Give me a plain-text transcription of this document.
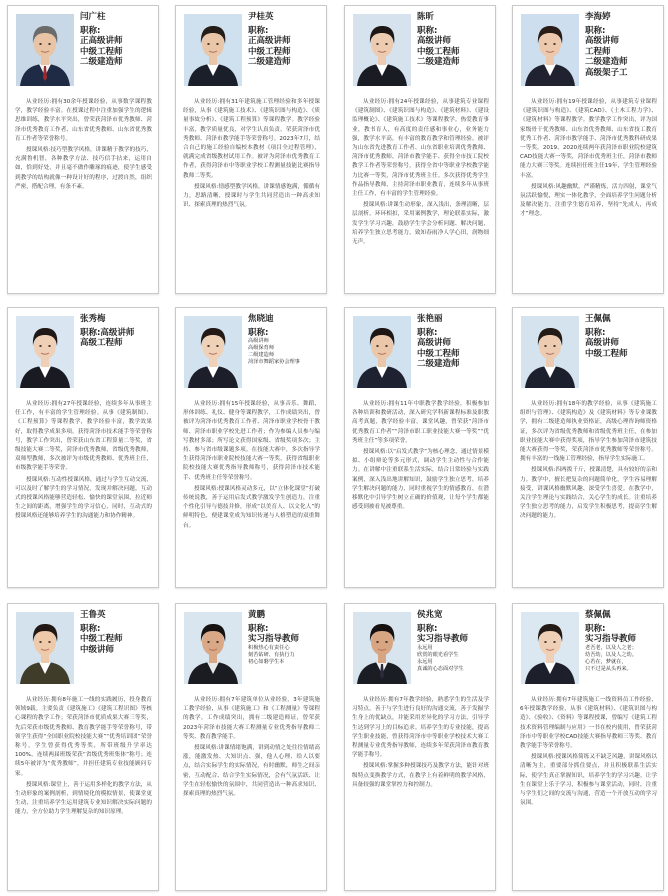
闫广柱
职称:
正高级讲师
中级工程师
二级建造师

从业经历:拥有30余年授课经验，从事数学课程教学，教学经验丰富。在授课过程中注重加强学生的逻辑思维训练，教学水平突出，曾荣获菏泽市优秀教师、菏泽市优秀教育工作者、山东省优秀教师、山东省优秀教育工作者等荣誉称号。

授课风格:技巧型教学风格，讲课精于教学的技巧，充满鲁机智，各种教学方法、技巧信手拈来，运用自如，恰到好处，并且毫不做作雕琢的痕迹，使学生感受到教学的结构就像一种设计好的程序，过渡自然，组织严密，搭配合理，有条不紊。

尹桂英
职称:
正高级讲师
中级工程师
二级建造师

从业经历:拥有31年建筑施工管理经验和多年授课经验，从事《建筑施工技术》、《建筑识图与构造》、《质量事故分析》、《建筑工程预算》等课程教学。教学经验丰富，教学质量优良，对学生认真负责。荣获菏泽市优秀教师、菏泽市教学能手等荣誉称号。2023年7月，结合自己的施工经验自编校本教材《项目全过程管理》，就满完成省级教材试用工作。被评为菏泽市优秀教育工作者，获得菏泽市中等职业学校工程测量技能比赛指导教师二等奖。

授课风格:情感型教学风格，讲课情感饱满，循循有力，思路清晰，授课时与学生共同营造出一种高求知识、探索真理的热烈气氛。

陈昕
职称:
高级讲师
中级工程师
二级建造师

从业经历:拥有24年授课经验，从事建筑专业课程《建筑制图》、《建筑识图与构造》、《建筑材料》、《建设监理概论》、《建筑施工技术》等课程教学。热爱教育事业，教书育人，有高度的责任感和事业心，业务能力强，教学水平高，有丰富的教育教学和管理经验。被评为山东省先进教育工作者、山东省职业培训优秀教师、菏泽市优秀教师，菏泽市教学能手、获得全市技工院校教学工作者等荣誉称号，获得全省中等职业学校教学能力比赛一等奖，菏泽市优秀班主任。多次获得优秀学生作品指导教师，主持菏泽市职业教育，连续多年从事班主任工作，有丰富的学生管理经验。

授课风格:讲课生动形象，深入浅出，条理清晰，层层剖析，环环相扣，采用案例教学，理论联系实际，激发学生学习兴趣，鼓励学生学会分析问题、解决问题，培养学生独立思考能力，致知春雨净人学心田，润物细无声。

李海婷
职称:
高级讲师
工程师
二级建造师
高级架子工

从业经历:拥有19年授课经验，从事建筑专业课程《建筑识图与构造》、《建筑CAD》、《土木工程力学》、《建筑材料》等课程教学。教学教学工作突出，评为国家级骨干优秀教师、山东省优秀教师、山东省技工教育优秀工作者、菏泽市教学能手、菏泽市优秀教科研成果一等奖。2019、2020连续两年获菏泽市职业院校建筑CAD技能大赛一等奖，菏泽市优秀班主任，菏泽市教师能力大赛三等奖。连续担任班主任19年，学生管理经验丰富。

授课风格:风趣幽默，严谨精炼，活力四射，课堂气氛活跃愉悦，理实一体化教学，全面培养学生问题分析及解决能力，注重学生德育培养，坚持“先成人，再成才”理念。

张秀梅
职称:高级讲师
高级工程师

从业经历:拥有27年授课经验，连续多年从事班主任工作，有丰富的学生管理经验。从事《建筑制图》、《工程预算》等课程教学，教学经验丰富，教学效果好，取得教学成果多项。获得菏泽市技术能手等荣誉称号，教学工作突出，曾荣获山东省工程算量二等奖，省级技能大赛二等奖，菏泽市优秀教师，省级优秀教师，双师型教师，多次被评为市级优秀教师、优秀班主任，市级教学能手等荣誉。

授课风格:互动性授课风格，通过与学生互动交流，可以及时了解学生的学习情况，发现并解决问题。互动式的授课风格能够营造轻松、愉快的课堂氛围，拉近师生之间的距离，增强学生的学习信心，同时，互动式的授课风格还能够培养学生的沟通能力和协作精神。

焦晓迪
职称:
高级讲师
高级保育师
二级建造师
菏泽市舞蹈家协会理事

从业经历:拥有15年授课经验，从事音乐、舞蹈、形体训练、礼仪、健身等课程教学，工作成绩突出，曾被评为菏泽市优秀教育工作者、菏泽市职业学校骨干教师、菏泽市职业学校先进工作者；作为参编人员参与编写教材多部；所写论文获得国家级、省级奖项多次；主持、参与省市级课题多项。在技能大赛中，多次指导学生获得菏泽市职业院校技能大赛一等奖，获得省级职业院校技能大赛优秀指导教师称号，获得菏泽市技术能手、优秀班主任等荣誉称号。

授课风格:授课风格灵动多元，以“立体化课堂”打破传统说教，善于运用启发式教学激发学生创造力，注重个性化引导与德技并修，形成“以美育人、以文化人”的鲜明特色，便建课堂成为知识传递与人格塑造的双重舞台。

张艳丽
职称:
高级讲师
中级工程师
二级建造师

从业经历:拥有11年中职教学教学经验，积极参加各种培训和教研活动，深入研究学科新课程标准及职教高考真题，教学经验丰富，课堂风趣，曾荣获“菏泽市优秀教育工作者”“菏泽市职工职业技能大赛一等奖”“优秀班主任”等多项荣誉。

授课风格:以“启发式教学”为核心理念，通过情景模拟、小组辩论等多元形式，调动学生主动性与合作能力。在讲解中注重联系生活实际，结合日常经验与实践案例，深入浅出地讲解知识，鼓励学生独立思考，培养学生解决问题的能力，同时重视学生的情感教育，在潜移默化中引导学生树立正确的价值观，让每个学生都能感受到被看见被尊重。

王佩佩
职称:
高级讲师
中级工程师

从业经历:拥有18年的教学经验，从事《建筑施工组织与管理》、《建筑构造》及《建筑材料》等专业课教学，拥有二级建造师执业资格证，高级心理咨询师资格证，多次评为省级优秀教师和省级优秀班主任，在参加职业技能大赛中获得奖项，指导学生参加菏泽市建筑技能大赛获得一等奖，荣获菏泽市优秀教师等荣誉称号。拥有丰富的一线施工管理经验，指导学生实际施工。

授课风格:四两拨千斤，授课清楚，具有较好的亲和力。教学中，擅长把复杂的问题简单化，学生容易理解接受，讲课风格幽默风趣、深受学生喜爱。在教学中，关注学生理论与实践结合，关心学生的成长。注重培养学生独立思考的能力，启发学生积极思考，提高学生解决问题的能力。

王鲁英
职称:
中级工程师
中级讲师

从业经历:拥有8年施工一线的实践履历，投身教育领域9载。主要负责《建筑施工》《建筑工程识图》等核心课程的教学工作；荣获菏泽市优质成果大赛三等奖，先后荣获市级优秀教师、教育教学能手等荣誉称号，带领学生获得“全国职业院校技能大赛”“优秀培训团”荣誉称号，学生曾获得优秀等奖，所带班级升学率达100%，连续两届班级荣获“省级优秀班集体”称号；连续5年被评为“优秀教师”，并担任建筑专业技能顾问专家。

授课风格:课堂上，善于运用多样化的教学方法，从生动形象的案例剖析，到情境化的模拟情景，使课堂更生动，注重培养学生运用建筑专业知识解决实际问题的能力，全方位助力学生理解复杂的知识原理。

黄鹏
职称:
实习指导教师
积极热心有责任心
刻苦钻研、有执行力
初心如磐学生本

从业经历:拥有7年建筑单位从业经验，3年建筑施工教学经验，从事《建筑施工》和《工程测量》等课程的教学。工作成绩突出，拥有二级建造师证，曾荣获2023年菏泽市技能大赛工程测量专业优秀指导教师二等奖、教育教学能手。

授课风格:讲课情绪饱满，讲到动情之处往往情绪高涨，能激发热、大知识点、强，他人心理、给人以要点，结合实际学生的实际情况，有时幽默，师生之间亲密，互动配合、结合学生实际情况，会有气氛活跃、让学生在轻松愉快的氛围中，共同营造出一种高求知识、探索真理的热烈气氛。

侯兆宽
职称:
实习指导教师
永远用
欣赏的眼光看学生
永远用
真诚的心态面对学生

从业经历:拥有7年教学经验，熟悉学生的生活及学习特点，善于与学生进行良好的沟通交流，善于发掘学生身上的优缺点，并能采用差异化的学习方法，引导学生达到学习上的目标追求。培养学生的专业技能，提高学生职业技能，曾获得菏泽市中等职业学校技术大赛工程测量专业优秀指导教师，连续多年荣获菏泽市教育教学能手称号。

授课风格:掌握多种授课技巧及教学方法，能针对班级特点变换教学方式，在教学上有着鲜明的教学风格，具备较强的课堂掌控力和控制力。

蔡佩佩
职称:
实习指导教师
老吾老，以及人之老；
幼吾幼，以及人之幼。
心若在，梦就在，
只不过是从头再来。

从业经历:拥有7年建筑施工一线资料员工作经验，6年授课教学经验，从事《建筑材料》、《建筑识图与构造》、《验收》、《资料》等课程授课，曾编写《建筑工程技术资料管理编制与应用》一书在校内使用，曾荣获菏泽市中等职业学校CAD技能大赛指导教师三等奖、教育教学能手等荣誉称号。

授课风格:授课风格简练又不缺乏风趣，讲课风格以清晰为主，重要部分抓住要点，并且积极联系生活实际，使学生真正掌握知识，培养学生的学习兴趣。让学生在课堂上乐于学习，积极参与课堂活动，同时，注重与学生们之间的交流与沟通，营造一个开放互动的学习氛围。
